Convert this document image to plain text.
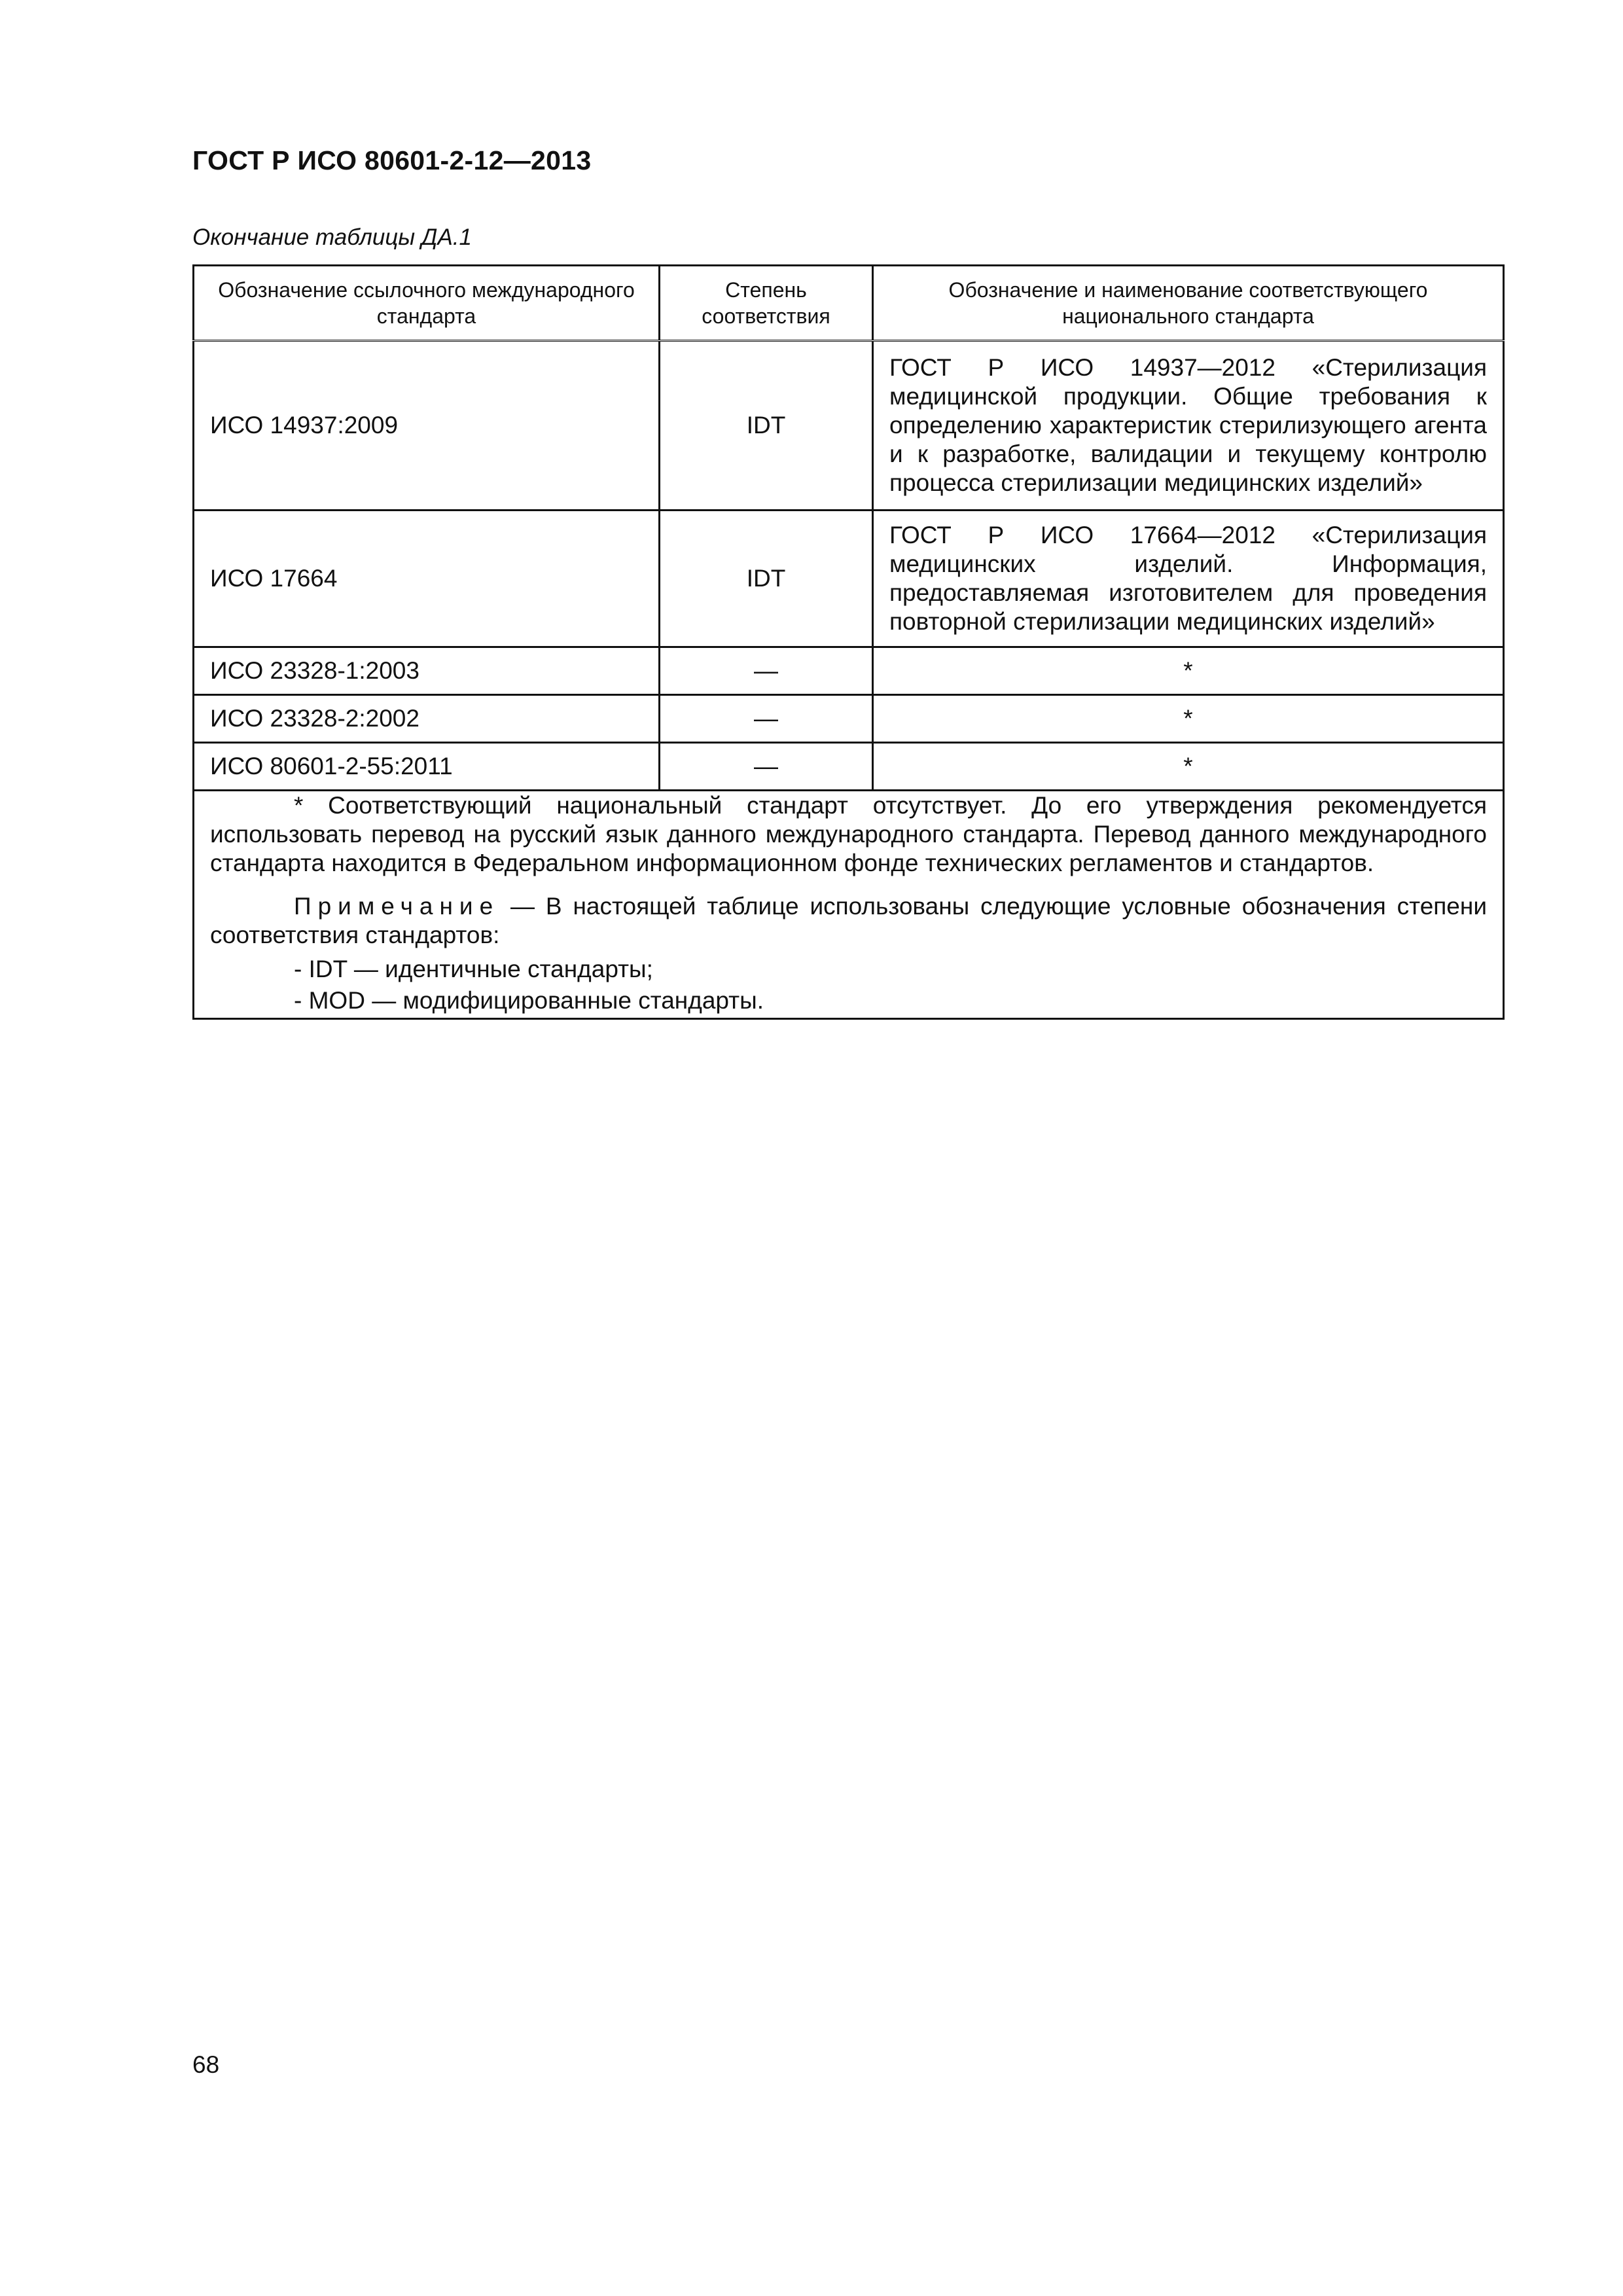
ГОСТ Р ИСО 80601-2-12—2013
Окончание таблицы ДА.1
Обозначение ссылочного международного стандарта	Степень соответствия	Обозначение и наименование соответствующего национального стандарта
ИСО 14937:2009	IDT	ГОСТ Р ИСО 14937—2012 «Стерилизация медицинской продукции. Общие требования к определению характеристик стерилизующего агента и к разработке, валидации и текущему контролю процесса стерилизации медицинских изделий»
ИСО 17664	IDT	ГОСТ Р ИСО 17664—2012 «Стерилизация медицинских изделий. Информация, предоставляемая изготовителем для проведения повторной стерилизации медицинских изделий»
ИСО 23328-1:2003	—	*
ИСО 23328-2:2002	—	*
ИСО 80601-2-55:2011	—	*

* Соответствующий национальный стандарт отсутствует. До его утверждения рекомендуется использовать перевод на русский язык данного международного стандарта. Перевод данного международного стандарта находится в Федеральном информационном фонде технических регламентов и стандартов.

Примечание — В настоящей таблице использованы следующие условные обозначения степени соответствия стандартов:

- IDT — идентичные стандарты;
- MOD — модифицированные стандарты.		
68
